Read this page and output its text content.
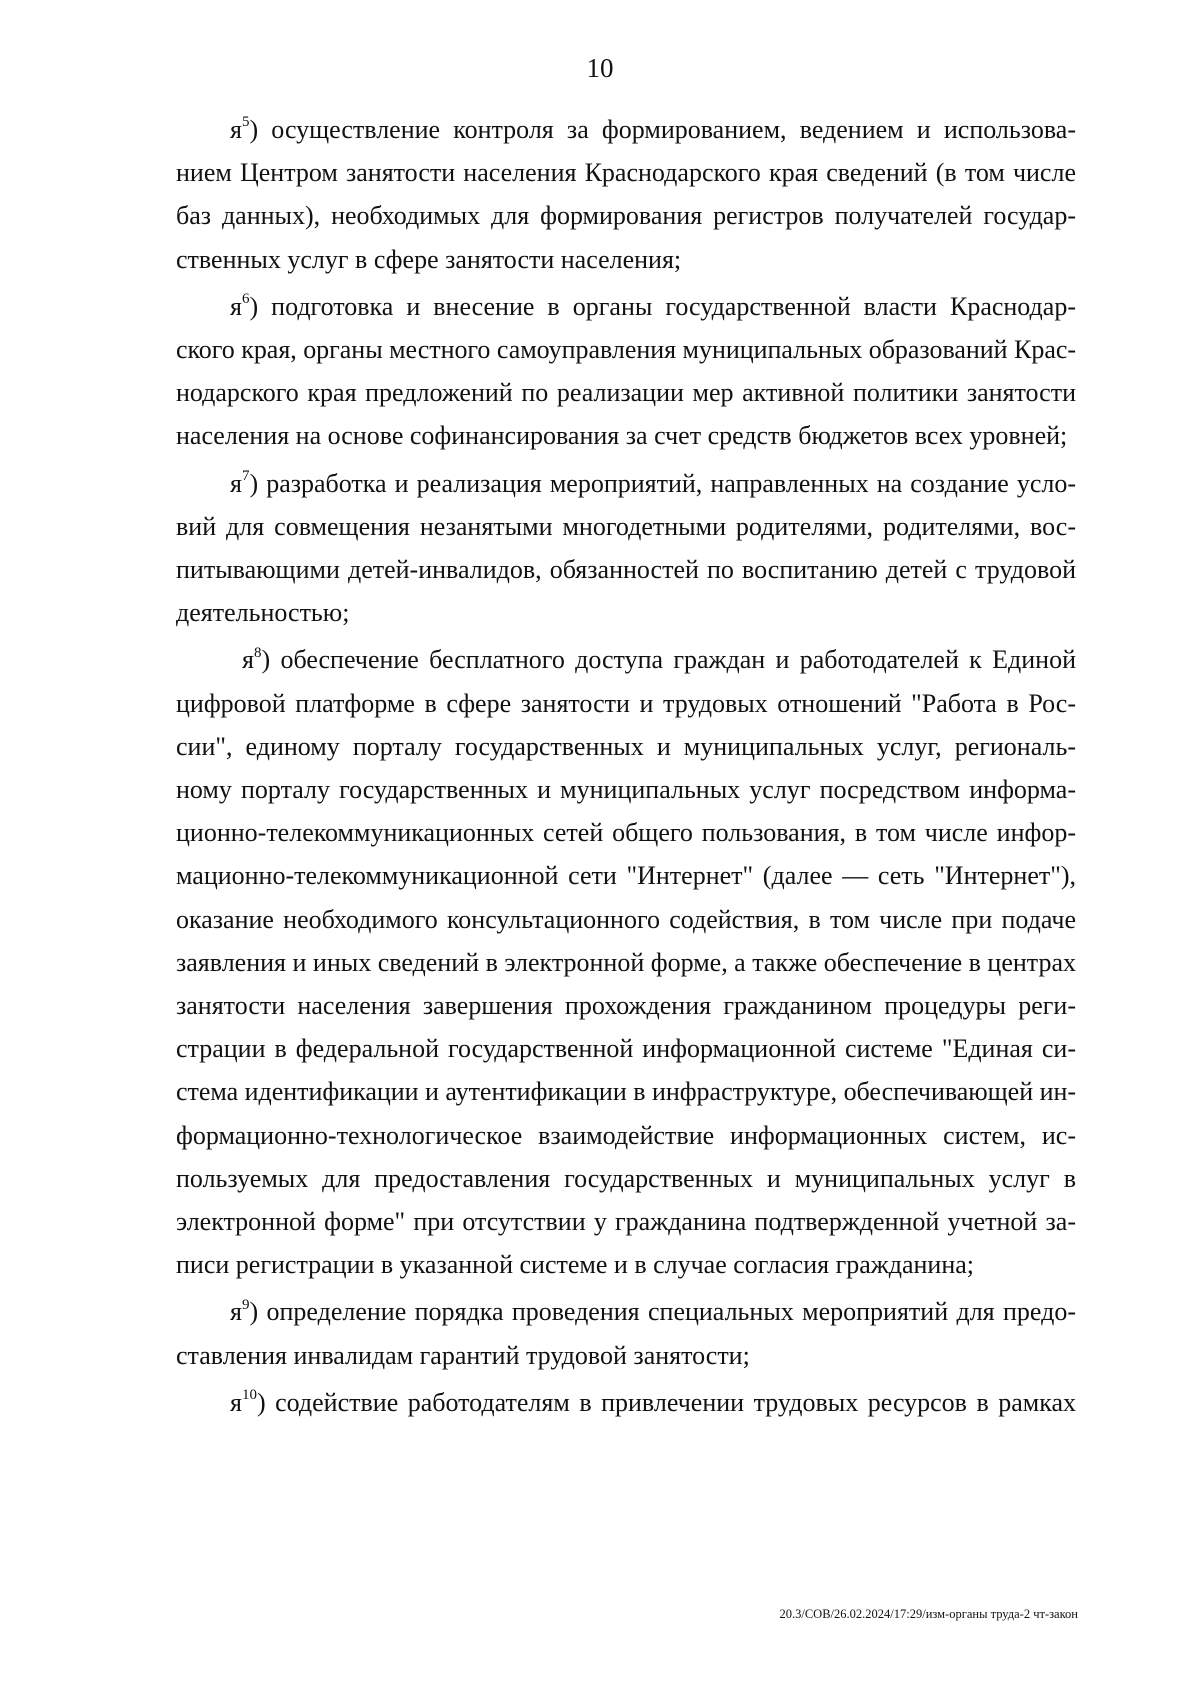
10
$я^5$) осуществление контроля за формированием, ведением и использова-
нием Центром занятости населения Краснодарского края сведений (в том числе
баз данных), необходимых для формирования регистров получателей государ-
ственных услуг в сфере занятости населения;
$я^6$) подготовка и внесение в органы государственной власти Краснодар-
ского края, органы местного самоуправления муниципальных образований Крас-
нодарского края предложений по реализации мер активной политики занятости
населения на основе софинансирования за счет средств бюджетов всех уровней;
$я^7$) разработка и реализация мероприятий, направленных на создание усло-
вий для совмещения незанятыми многодетными родителями, родителями, вос-
питывающими детей-инвалидов, обязанностей по воспитанию детей с трудовой
деятельностью;
$я^8$) обеспечение бесплатного доступа граждан и работодателей к Единой
цифровой платформе в сфере занятости и трудовых отношений "Работа в Рос-
сии", единому порталу государственных и муниципальных услуг, региональ-
ному порталу государственных и муниципальных услуг посредством информа-
ционно-телекоммуникационных сетей общего пользования, в том числе инфор-
мационно-телекоммуникационной сети "Интернет" (далее — сеть "Интернет"),
оказание необходимого консультационного содействия, в том числе при подаче
заявления и иных сведений в электронной форме, а также обеспечение в центрах
занятости населения завершения прохождения гражданином процедуры реги-
страции в федеральной государственной информационной системе "Единая си-
стема идентификации и аутентификации в инфраструктуре, обеспечивающей ин-
формационно-технологическое взаимодействие информационных систем, ис-
пользуемых для предоставления государственных и муниципальных услуг в
электронной форме" при отсутствии у гражданина подтвержденной учетной за-
писи регистрации в указанной системе и в случае согласия гражданина;
$я^9$) определение порядка проведения специальных мероприятий для предо-
ставления инвалидам гарантий трудовой занятости;
$я^{10}$) содействие работодателям в привлечении трудовых ресурсов в рамках
20.3/СОВ/26.02.2024/17:29/изм-органы труда-2 чт-закон
